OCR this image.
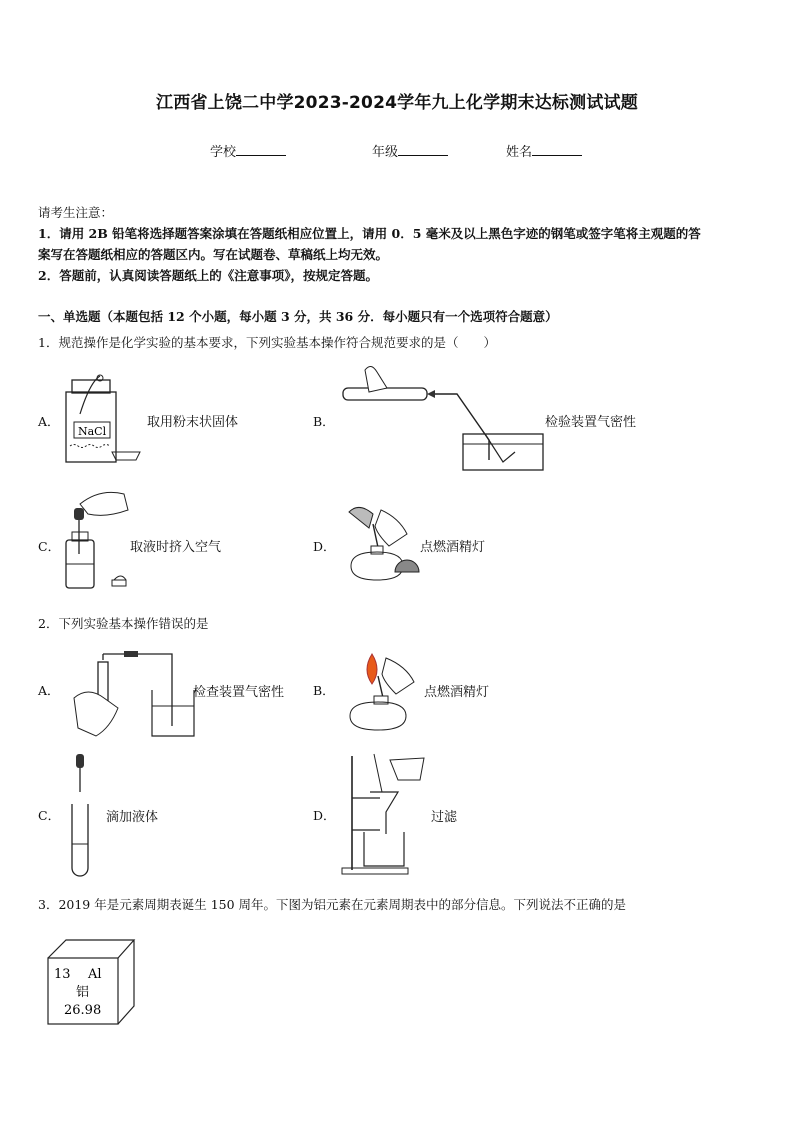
江西省上饶二中学2023-2024学年九上化学期末达标测试试题
学校	年级	姓名
请考生注意：
1．请用 2B 铅笔将选择题答案涂填在答题纸相应位置上，请用 0．5 毫米及以上黑色字迹的钢笔或签字笔将主观题的答
案写在答题纸相应的答题区内。写在试题卷、草稿纸上均无效。
2．答题前，认真阅读答题纸上的《注意事项》，按规定答题。
一、单选题（本题包括 12 个小题，每小题 3 分，共 36 分．每小题只有一个选项符合题意）
1．规范操作是化学实验的基本要求，下列实验基本操作符合规范要求的是（　　）
A．
NaCl
取用粉末状固体	B．	检验装置气密性
C．	取液时挤入空气	D．	点燃酒精灯
2．下列实验基本操作错误的是
A．	检查装置气密性 B．	点燃酒精灯
C．	滴加液体	D．	过滤
3．2019 年是元素周期表诞生 150 周年。下图为铝元素在元素周期表中的部分信息。下列说法不正确的是
13 Al
铝
26.98
